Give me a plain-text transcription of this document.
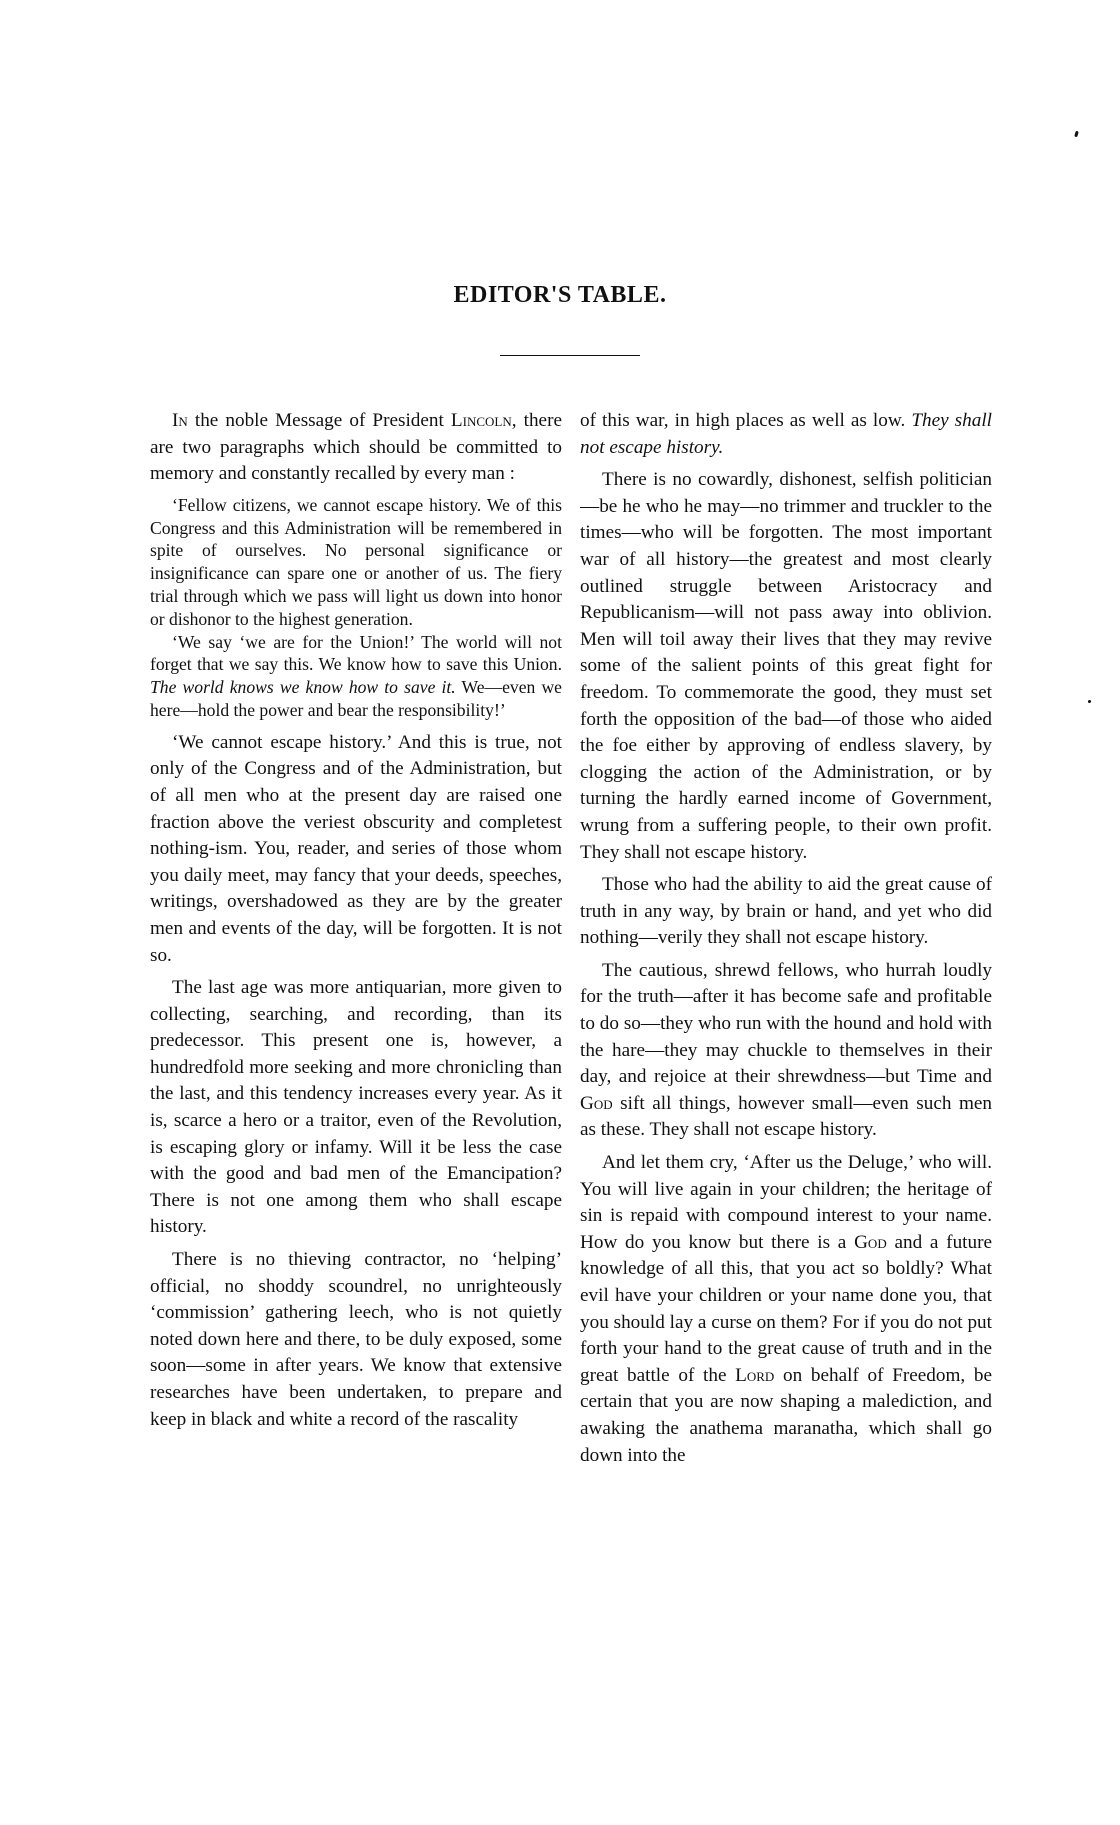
EDITOR'S TABLE.

In the noble Message of President Lincoln, there are two paragraphs which should be committed to memory and constantly recalled by every man :

‘Fellow citizens, we cannot escape history. We of this Congress and this Administration will be remembered in spite of ourselves. No personal significance or insignificance can spare one or another of us. The fiery trial through which we pass will light us down into honor or dishonor to the highest generation.

‘We say ‘we are for the Union!’ The world will not forget that we say this. We know how to save this Union. The world knows we know how to save it. We—even we here—hold the power and bear the responsibility!’

‘We cannot escape history.’ And this is true, not only of the Congress and of the Administration, but of all men who at the present day are raised one fraction above the veriest obscurity and completest nothing-ism. You, reader, and series of those whom you daily meet, may fancy that your deeds, speeches, writings, overshadowed as they are by the greater men and events of the day, will be forgotten. It is not so.

The last age was more antiquarian, more given to collecting, searching, and recording, than its predecessor. This present one is, however, a hundredfold more seeking and more chronicling than the last, and this tendency increases every year. As it is, scarce a hero or a traitor, even of the Revolution, is escaping glory or infamy. Will it be less the case with the good and bad men of the Emancipation? There is not one among them who shall escape history.

There is no thieving contractor, no ‘helping’ official, no shoddy scoundrel, no unrighteously ‘commission’ gathering leech, who is not quietly noted down here and there, to be duly exposed, some soon—some in after years. We know that extensive researches have been undertaken, to prepare and keep in black and white a record of the rascality

of this war, in high places as well as low. They shall not escape history.

There is no cowardly, dishonest, selfish politician—be he who he may—no trimmer and truckler to the times—who will be forgotten. The most important war of all history—the greatest and most clearly outlined struggle between Aristocracy and Republicanism—will not pass away into oblivion. Men will toil away their lives that they may revive some of the salient points of this great fight for freedom. To commemorate the good, they must set forth the opposition of the bad—of those who aided the foe either by approving of endless slavery, by clogging the action of the Administration, or by turning the hardly earned income of Government, wrung from a suffering people, to their own profit. They shall not escape history.

Those who had the ability to aid the great cause of truth in any way, by brain or hand, and yet who did nothing—verily they shall not escape history.

The cautious, shrewd fellows, who hurrah loudly for the truth—after it has become safe and profitable to do so—they who run with the hound and hold with the hare—they may chuckle to themselves in their day, and rejoice at their shrewdness—but Time and God sift all things, however small—even such men as these. They shall not escape history.

And let them cry, ‘After us the Deluge,’ who will. You will live again in your children; the heritage of sin is repaid with compound interest to your name. How do you know but there is a God and a future knowledge of all this, that you act so boldly? What evil have your children or your name done you, that you should lay a curse on them? For if you do not put forth your hand to the great cause of truth and in the great battle of the Lord on behalf of Freedom, be certain that you are now shaping a malediction, and awaking the anathema maranatha, which shall go down into the
